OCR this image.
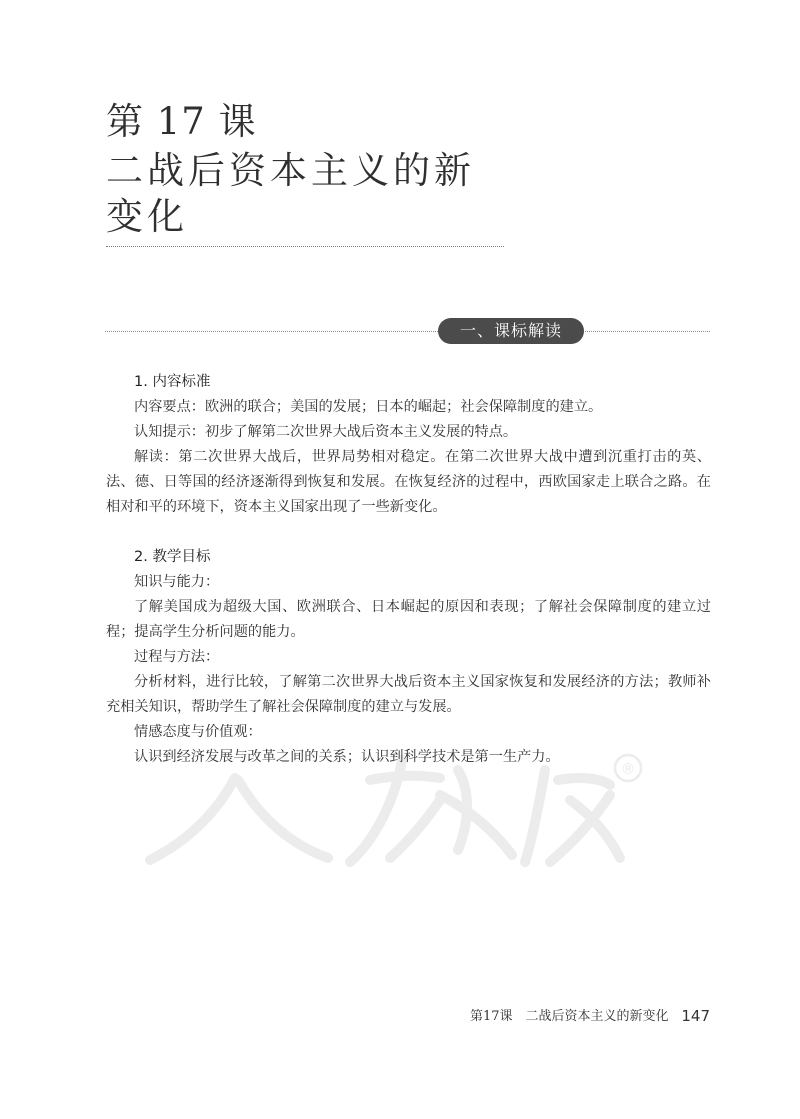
第 17 课
二战后资本主义的新变化
一、课标解读
®
1. 内容标准

内容要点：欧洲的联合；美国的发展；日本的崛起；社会保障制度的建立。

认知提示：初步了解第二次世界大战后资本主义发展的特点。

解读：第二次世界大战后，世界局势相对稳定。在第二次世界大战中遭到沉重打击的英、法、德、日等国的经济逐渐得到恢复和发展。在恢复经济的过程中，西欧国家走上联合之路。在相对和平的环境下，资本主义国家出现了一些新变化。

2. 教学目标

知识与能力：

了解美国成为超级大国、欧洲联合、日本崛起的原因和表现；了解社会保障制度的建立过程；提高学生分析问题的能力。

过程与方法：

分析材料，进行比较，了解第二次世界大战后资本主义国家恢复和发展经济的方法；教师补充相关知识，帮助学生了解社会保障制度的建立与发展。

情感态度与价值观：

认识到经济发展与改革之间的关系；认识到科学技术是第一生产力。

第17课　二战后资本主义的新变化 147
